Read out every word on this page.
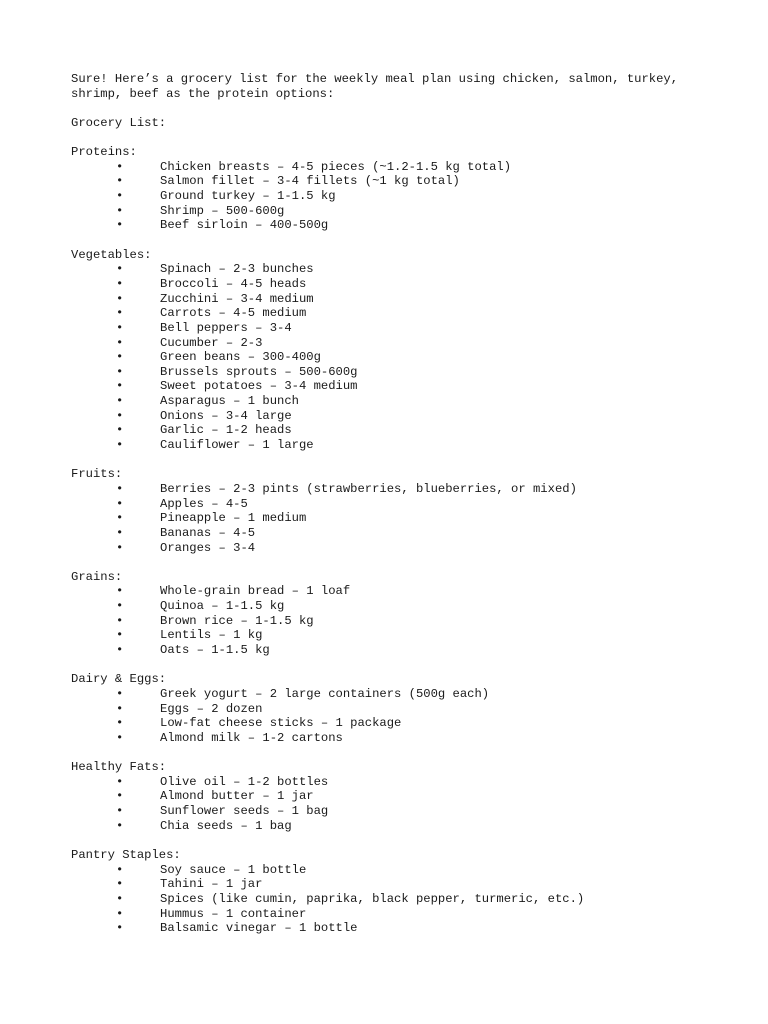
Sure! Here’s a grocery list for the weekly meal plan using chicken, salmon, turkey,
shrimp, beef as the protein options:
Grocery List:
Proteins:
•	Chicken breasts – 4-5 pieces (~1.2-1.5 kg total)
•	Salmon fillet – 3-4 fillets (~1 kg total)
•	Ground turkey – 1-1.5 kg
•	Shrimp – 500-600g
•	Beef sirloin – 400-500g
Vegetables:
•	Spinach – 2-3 bunches
•	Broccoli – 4-5 heads
•	Zucchini – 3-4 medium
•	Carrots – 4-5 medium
•	Bell peppers – 3-4
•	Cucumber – 2-3
•	Green beans – 300-400g
•	Brussels sprouts – 500-600g
•	Sweet potatoes – 3-4 medium
•	Asparagus – 1 bunch
•	Onions – 3-4 large
•	Garlic – 1-2 heads
•	Cauliflower – 1 large
Fruits:
•	Berries – 2-3 pints (strawberries, blueberries, or mixed)
•	Apples – 4-5
•	Pineapple – 1 medium
•	Bananas – 4-5
•	Oranges – 3-4
Grains:
•	Whole-grain bread – 1 loaf
•	Quinoa – 1-1.5 kg
•	Brown rice – 1-1.5 kg
•	Lentils – 1 kg
•	Oats – 1-1.5 kg
Dairy & Eggs:
•	Greek yogurt – 2 large containers (500g each)
•	Eggs – 2 dozen
•	Low-fat cheese sticks – 1 package
•	Almond milk – 1-2 cartons
Healthy Fats:
•	Olive oil – 1-2 bottles
•	Almond butter – 1 jar
•	Sunflower seeds – 1 bag
•	Chia seeds – 1 bag
Pantry Staples:
•	Soy sauce – 1 bottle
•	Tahini – 1 jar
•	Spices (like cumin, paprika, black pepper, turmeric, etc.)
•	Hummus – 1 container
•	Balsamic vinegar – 1 bottle
